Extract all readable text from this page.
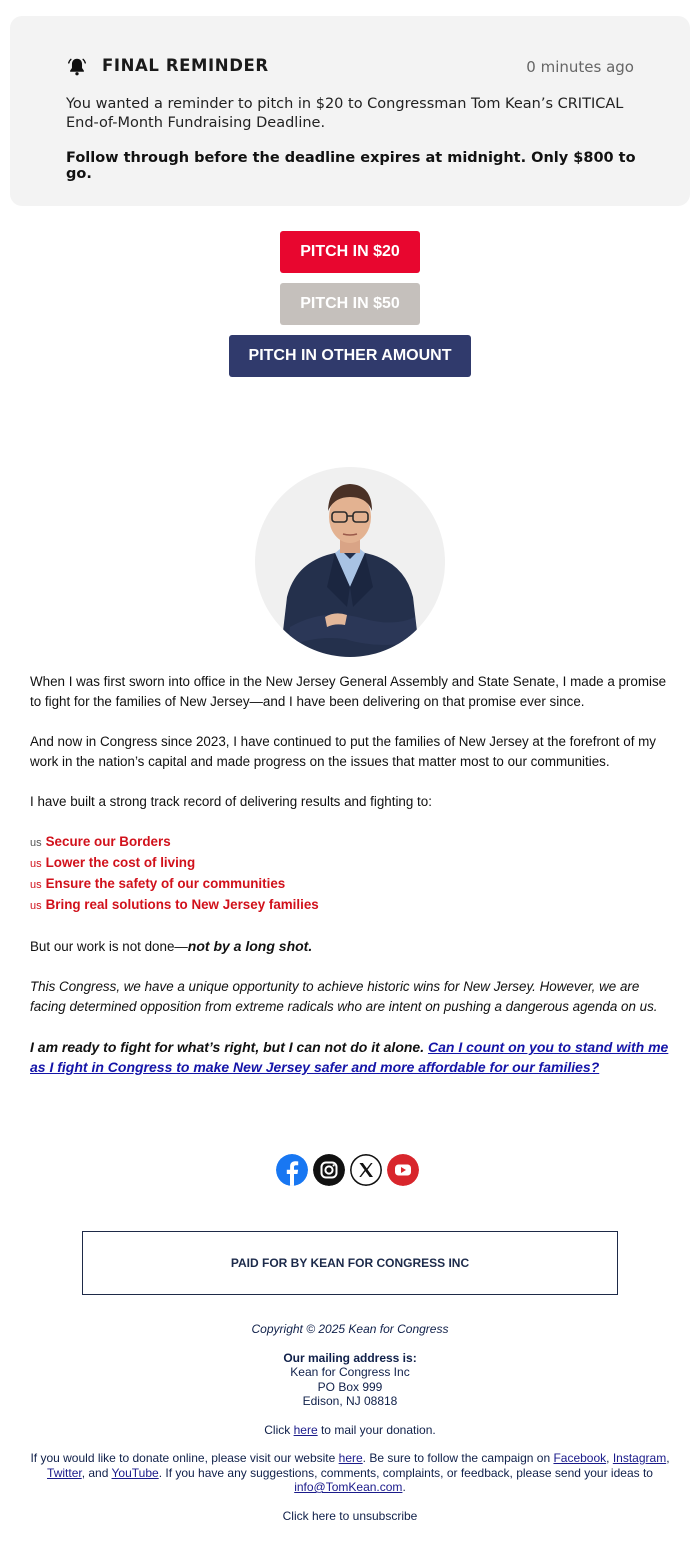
FINAL REMINDER	0 minutes ago
You wanted a reminder to pitch in $20 to Congressman Tom Kean’s CRITICAL End-of-Month Fundraising Deadline.
Follow through before the deadline expires at midnight. Only $800 to go.
PITCH IN $20
PITCH IN $50
PITCH IN OTHER AMOUNT

When I was first sworn into office in the New Jersey General Assembly and State Senate, I made a promise to fight for the families of New Jersey—and I have been delivering on that promise ever since.

And now in Congress since 2023, I have continued to put the families of New Jersey at the forefront of my work in the nation’s capital and made progress on the issues that matter most to our communities.

I have built a strong track record of delivering results and fighting to:

us Secure our Borders
us Lower the cost of living
us Ensure the safety of our communities
us Bring real solutions to New Jersey families

But our work is not done—not by a long shot.

This Congress, we have a unique opportunity to achieve historic wins for New Jersey. However, we are facing determined opposition from extreme radicals who are intent on pushing a dangerous agenda on us.

I am ready to fight for what’s right, but I can not do it alone. Can I count on you to stand with me as I fight in Congress to make New Jersey safer and more affordable for our families?

PAID FOR BY KEAN FOR CONGRESS INC
Copyright © 2025 Kean for Congress
Our mailing address is:
Kean for Congress Inc
PO Box 999
Edison, NJ 08818
Click here to mail your donation.
If you would like to donate online, please visit our website here. Be sure to follow the campaign on Facebook, Instagram,
Twitter, and YouTube. If you have any suggestions, comments, complaints, or feedback, please send your ideas to info@TomKean.com.
Click here to unsubscribe
